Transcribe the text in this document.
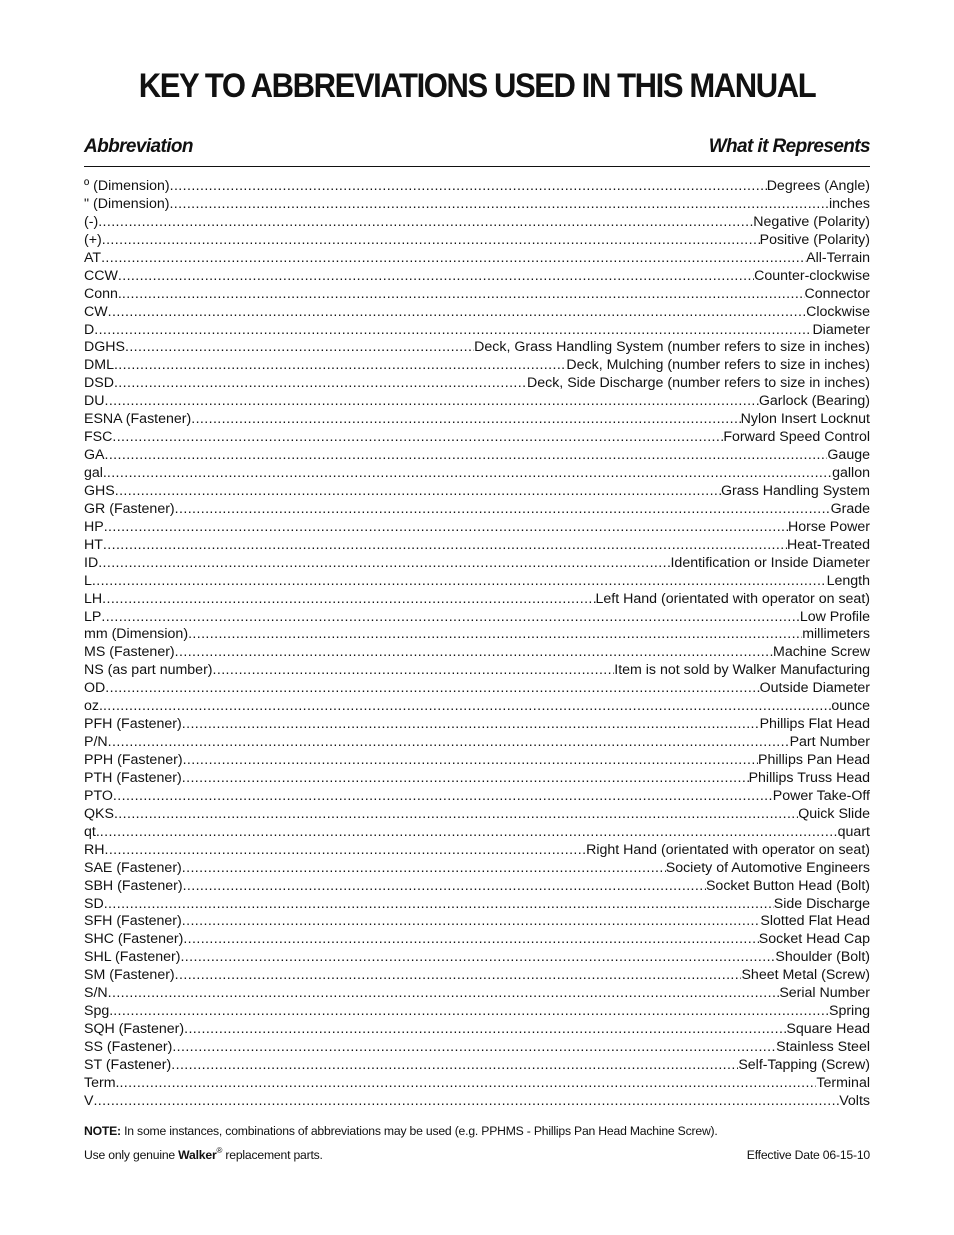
KEY TO ABBREVIATIONS USED IN THIS MANUAL
Abbreviation	What it Represents
º (Dimension) .....	Degrees (Angle)
" (Dimension) .....	inches
(-) .....	Negative (Polarity)
(+) .....	Positive (Polarity)
AT .....	All-Terrain
CCW .....	Counter-clockwise
Conn. .....	Connector
CW .....	Clockwise
D .....	Diameter
DGHS .....	Deck, Grass Handling System (number refers to size in inches)
DML .....	Deck, Mulching (number refers to size in inches)
DSD .....	Deck, Side Discharge (number refers to size in inches)
DU .....	Garlock (Bearing)
ESNA (Fastener) .....	Nylon Insert Locknut
FSC .....	Forward Speed Control
GA .....	Gauge
gal. .....	gallon
GHS .....	Grass Handling System
GR (Fastener) .....	Grade
HP .....	Horse Power
HT .....	Heat-Treated
ID .....	Identification or Inside Diameter
L .....	Length
LH .....	Left Hand (orientated with operator on seat)
LP .....	Low Profile
mm (Dimension) .....	millimeters
MS (Fastener) .....	Machine Screw
NS (as part number) .....	Item is not sold by Walker Manufacturing
OD .....	Outside Diameter
oz. .....	ounce
PFH (Fastener) .....	Phillips Flat Head
P/N .....	Part Number
PPH (Fastener) .....	Phillips Pan Head
PTH (Fastener) .....	Phillips Truss Head
PTO .....	Power Take-Off
QKS .....	Quick Slide
qt. .....	quart
RH .....	Right Hand (orientated with operator on seat)
SAE (Fastener) .....	Society of Automotive Engineers
SBH (Fastener) .....	Socket Button Head (Bolt)
SD .....	Side Discharge
SFH (Fastener) .....	Slotted Flat Head
SHC (Fastener) .....	Socket Head Cap
SHL (Fastener) .....	Shoulder (Bolt)
SM (Fastener) .....	Sheet Metal (Screw)
S/N .....	Serial Number
Spg. .....	Spring
SQH (Fastener) .....	Square Head
SS (Fastener) .....	Stainless Steel
ST (Fastener) .....	Self-Tapping (Screw)
Term. .....	Terminal
V .....	Volts
NOTE: In some instances, combinations of abbreviations may be used (e.g. PPHMS - Phillips Pan Head Machine Screw).
Use only genuine Walker® replacement parts.	Effective Date 06-15-10
